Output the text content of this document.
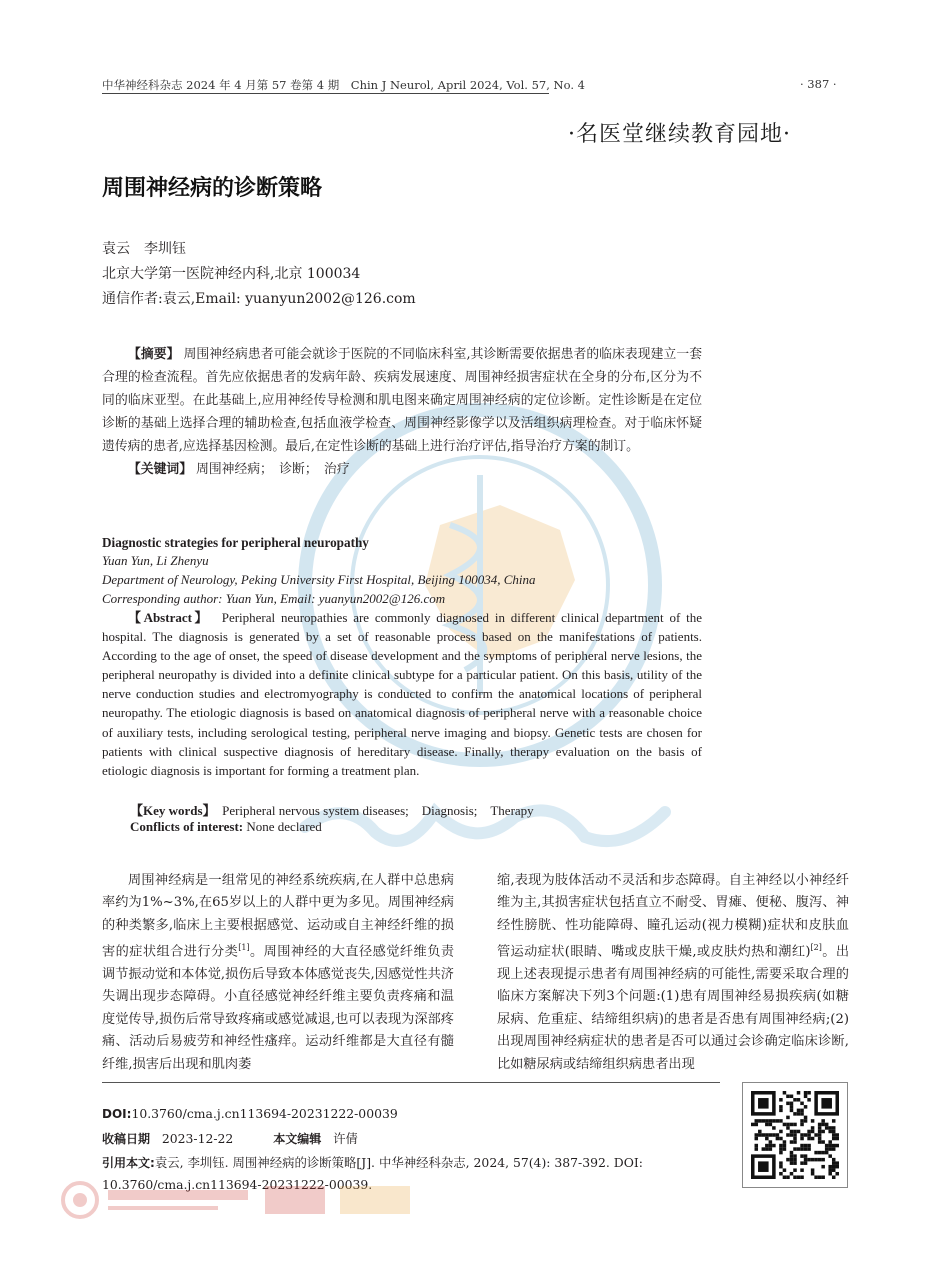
中华神经科杂志 2024 年 4 月第 57 卷第 4 期　Chin J Neurol, April 2024, Vol. 57, No. 4	· 387 ·
·名医堂继续教育园地·
周围神经病的诊断策略
袁云　李圳钰
北京大学第一医院神经内科,北京 100034
通信作者:袁云,Email: yuanyun2002@126.com
【摘要】 周围神经病患者可能会就诊于医院的不同临床科室,其诊断需要依据患者的临床表现建立一套合理的检查流程。首先应依据患者的发病年龄、疾病发展速度、周围神经损害症状在全身的分布,区分为不同的临床亚型。在此基础上,应用神经传导检测和肌电图来确定周围神经病的定位诊断。定性诊断是在定位诊断的基础上选择合理的辅助检查,包括血液学检查、周围神经影像学以及活组织病理检查。对于临床怀疑遗传病的患者,应选择基因检测。最后,在定性诊断的基础上进行治疗评估,指导治疗方案的制订。
【关键词】 周围神经病；　诊断；　治疗
Diagnostic strategies for peripheral neuropathy
Yuan Yun, Li Zhenyu
Department of Neurology, Peking University First Hospital, Beijing 100034, China
Corresponding author: Yuan Yun, Email: yuanyun2002@126.com
【Abstract】 Peripheral neuropathies are commonly diagnosed in different clinical department of the hospital. The diagnosis is generated by a set of reasonable process based on the manifestations of patients. According to the age of onset, the speed of disease development and the symptoms of peripheral nerve lesions, the peripheral neuropathy is divided into a definite clinical subtype for a particular patient. On this basis, utility of the nerve conduction studies and electromyography is conducted to confirm the anatomical locations of peripheral neuropathy. The etiologic diagnosis is based on anatomical diagnosis of peripheral nerve with a reasonable choice of auxiliary tests, including serological testing, peripheral nerve imaging and biopsy. Genetic tests are chosen for patients with clinical suspective diagnosis of hereditary disease. Finally, therapy evaluation on the basis of etiologic diagnosis is important for forming a treatment plan.
【Key words】 Peripheral nervous system diseases;　Diagnosis;　Therapy
Conflicts of interest: None declared
周围神经病是一组常见的神经系统疾病,在人群中总患病率约为1%~3%,在65岁以上的人群中更为多见。周围神经病的种类繁多,临床上主要根据感觉、运动或自主神经纤维的损害的症状组合进行分类[1]。周围神经的大直径感觉纤维负责调节振动觉和本体觉,损伤后导致本体感觉丧失,因感觉性共济失调出现步态障碍。小直径感觉神经纤维主要负责疼痛和温度觉传导,损伤后常导致疼痛或感觉减退,也可以表现为深部疼痛、活动后易疲劳和神经性瘙痒。运动纤维都是大直径有髓纤维,损害后出现和肌肉萎
缩,表现为肢体活动不灵活和步态障碍。自主神经以小神经纤维为主,其损害症状包括直立不耐受、胃瘫、便秘、腹泻、神经性膀胱、性功能障碍、瞳孔运动(视力模糊)症状和皮肤血管运动症状(眼睛、嘴或皮肤干燥,或皮肤灼热和潮红)[2]。出现上述表现提示患者有周围神经病的可能性,需要采取合理的临床方案解决下列3个问题:(1)患有周围神经易损疾病(如糖尿病、危重症、结缔组织病)的患者是否患有周围神经病;(2)出现周围神经病症状的患者是否可以通过会诊确定临床诊断,比如糖尿病或结缔组织病患者出现
DOI:10.3760/cma.j.cn113694-20231222-00039
收稿日期 2023-12-22	本文编辑 许倩
引用本文:袁云, 李圳钰. 周围神经病的诊断策略[J]. 中华神经科杂志, 2024, 57(4): 387-392. DOI: 10.3760/cma.j.cn113694-20231222-00039.
